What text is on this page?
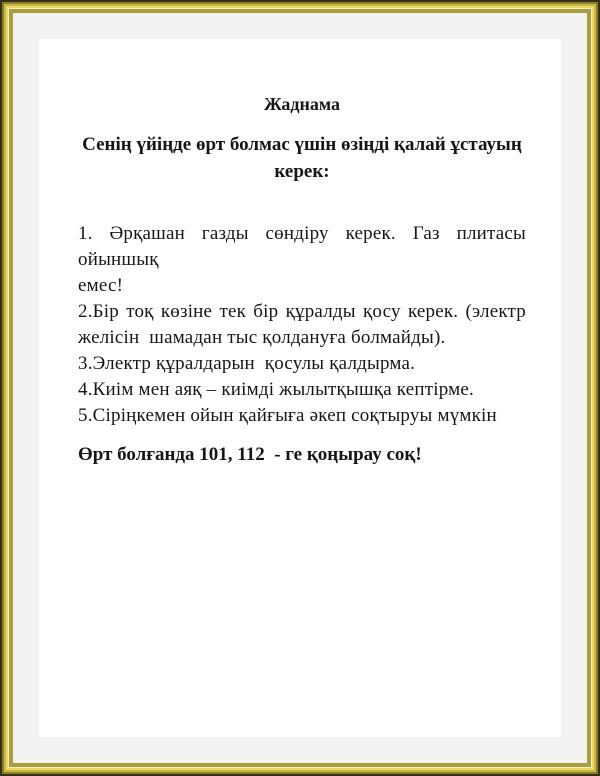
Жаднама
Сенің үйіңде өрт болмас үшін өзіңді қалай ұстауың
керек:
1. Әрқашан газды сөндіру керек. Газ плитасы ойыншық
емес!
2.Бір тоқ көзіне тек бір құралды қосу керек. (электр
желісін  шамадан тыс қолдануға болмайды).
3.Электр құралдарын  қосулы қалдырма.
4.Киім мен аяқ – киімді жылытқышқа кептірме.
5.Сіріңкемен ойын қайғыға әкеп соқтыруы мүмкін
Өрт болғанда 101, 112  - ге қоңырау соқ!
